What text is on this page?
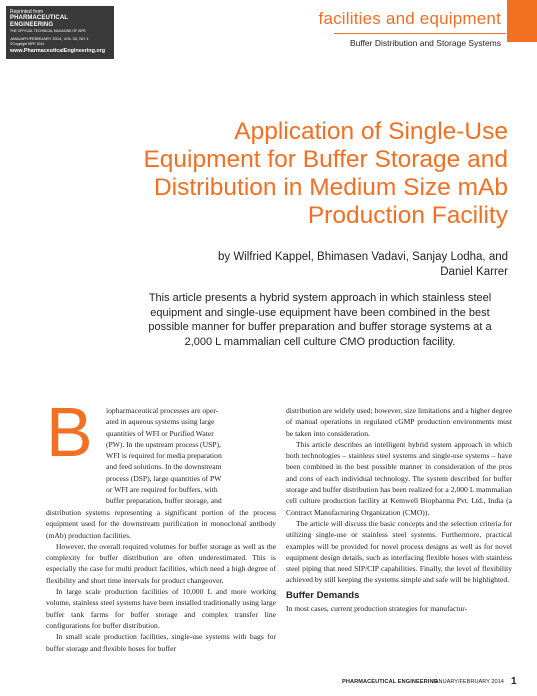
Reprinted from
PHARMACEUTICAL ENGINEERING
THE OFFICIAL TECHNICAL MAGAZINE OF ISPE
JANUARY/FEBRUARY 2014, VOL 34, NO 1
©Copyright ISPE 2014
www.PharmaceuticalEngineering.org
facilities and equipment
Buffer Distribution and Storage Systems
Application of Single-Use
Equipment for Buffer Storage and
Distribution in Medium Size mAb
Production Facility
by Wilfried Kappel, Bhimasen Vadavi, Sanjay Lodha, and
Daniel Karrer
This article presents a hybrid system approach in which stainless steel
equipment and single-use equipment have been combined in the best
possible manner for buffer preparation and buffer storage systems at a
2,000 L mammalian cell culture CMO production facility.
B	iopharmaceutical processes are oper-
ated in aqueous systems using large
quantities of WFI or Purified Water
(PW). In the upstream process (USP),
WFI is required for media preparation
and feed solutions. In the downstream
process (DSP), large quantities of PW
or WFI are required for buffers, with
buffer preparation, buffer storage, and

distribution systems representing a significant portion of the process equipment used for the downstream purification in monoclonal antibody (mAb) production facilities.

However, the overall required volumes for buffer storage as well as the complexity for buffer distribution are often underestimated. This is especially the case for multi product facilities, which need a high degree of flexibility and short time intervals for product changeover.

In large scale production facilities of 10,000 L and more working volume, stainless steel systems have been installed traditionally using large buffer tank farms for buffer storage and complex transfer line configurations for buffer distribution.

In small scale production facilities, single-use systems with bags for buffer storage and flexible hoses for buffer

distribution are widely used; however, size limitations and a higher degree of manual operations in regulated cGMP production environments must be taken into consideration.

This article describes an intelligent hybrid system approach in which both technologies – stainless steel systems and single-use systems – have been combined in the best possible manner in consideration of the pros and cons of each individual technology. The system described for buffer storage and buffer distribution has been realized for a 2,000 L mammalian cell culture production facility at Kemwell Biopharma Pvt. Ltd., India (a Contract Manufacturing Organization (CMO)).

The article will discuss the basic concepts and the selection criteria for utilizing single-use or stainless steel systems. Furthermore, practical examples will be provided for novel process designs as well as for novel equipment design details, such as interfacing flexible hoses with stainless steel piping that need SIP/CIP capabilities. Finally, the level of flexibility achieved by still keeping the systems simple and safe will be highlighted.

Buffer Demands

In most cases, current production strategies for manufactur-

PHARMACEUTICAL ENGINEERING
JANUARY/FEBRUARY 2014 1
